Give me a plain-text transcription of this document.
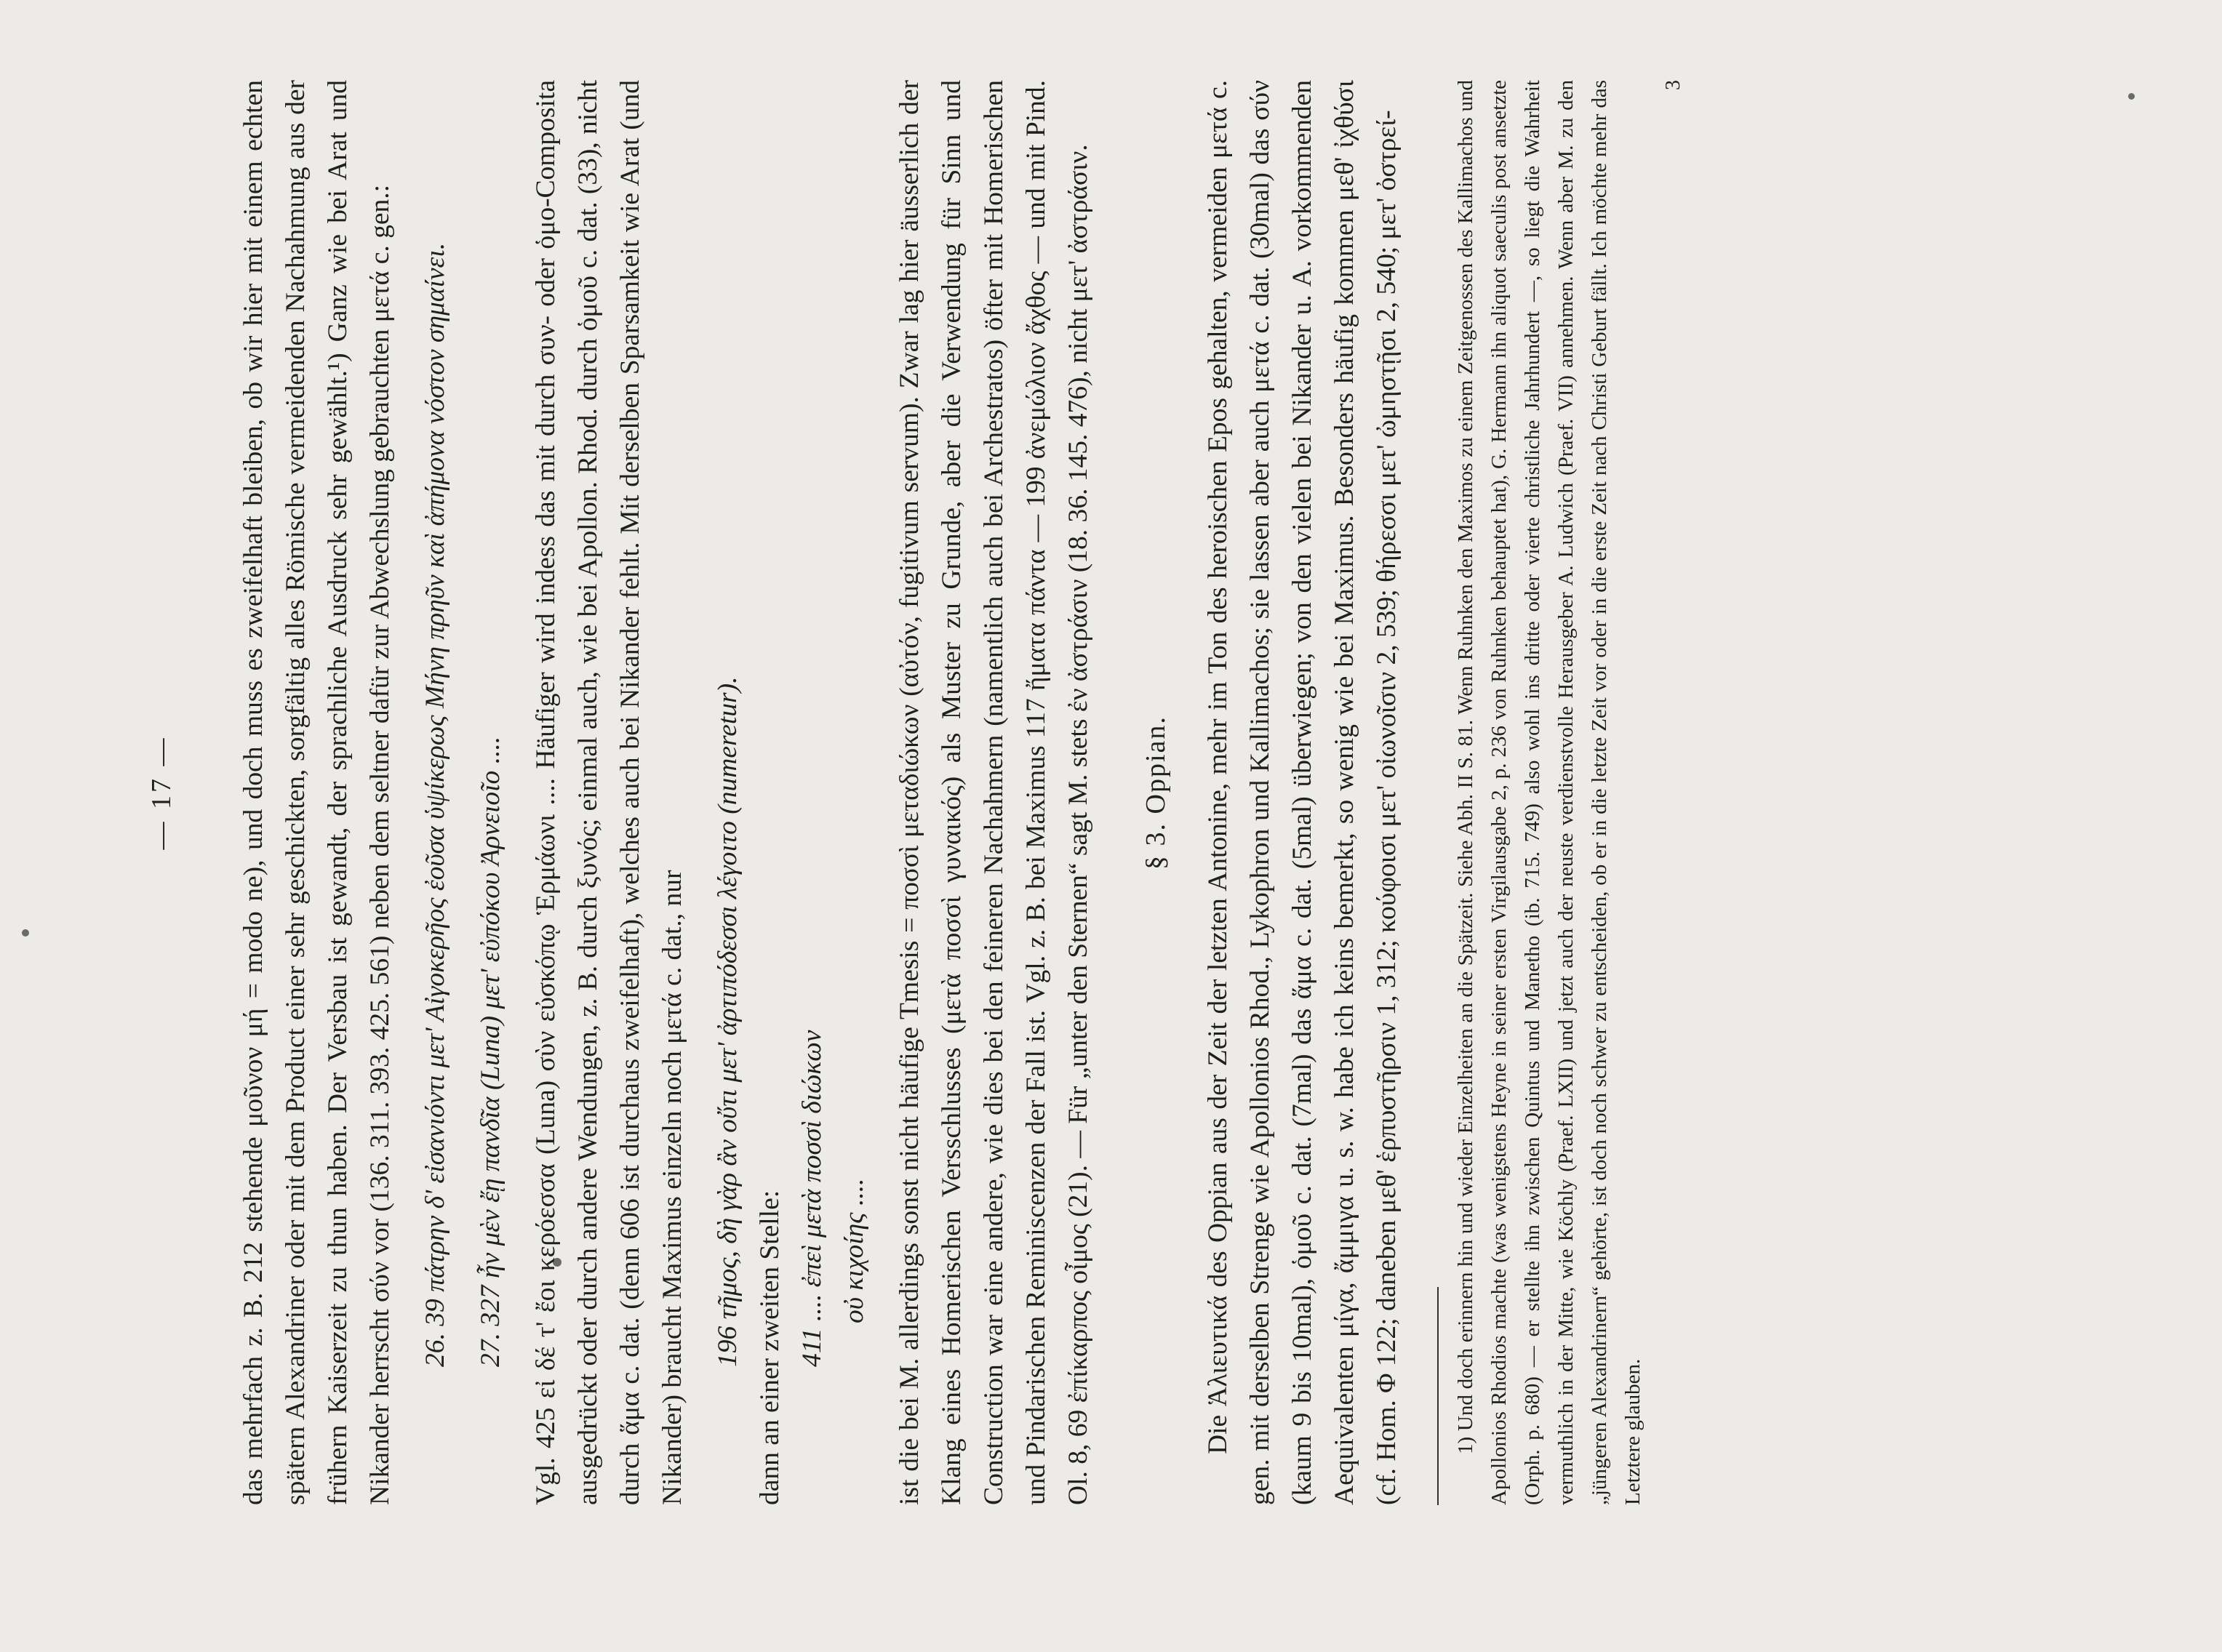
— 17 — das mehrfach z. B. 212 stehende μοῦνον μή = modo ne), und doch muss es zweifelhaft bleiben, ob wir hier mit einem echten spätern Alexandriner oder mit dem Product einer sehr geschickten, sorgfältig alles Römische vermeidenden Nachahmung aus der frühern Kaiserzeit zu thun haben. Der Versbau ist gewandt, der sprachliche Ausdruck sehr gewählt.¹) Ganz wie bei Arat und Nikander herrscht σύν vor (136. 311. 393. 425. 561) neben dem seltner dafür zur Abwechslung gebrauchten μετά c. gen.: 26. 39 πάτρην δ' εἰσανιόντι μετ' Αἰγοκερῆος ἐοῦσα ὑψίκερως Μήνη πρηῦν καὶ ἀπήμονα νόστον σημαίνει. 27. 327 ἦν μὲν ἔῃ πανδῖα (Luna) μετ' εὐπόκου Ἀρνειοῖο .... Vgl. 425 εἰ δέ τ' ἔοι κερόεσσα (Luna) σὺν εὐσκόπῳ Ἑρμάωνι .... Häufiger wird indess das mit durch συν- oder ὁμο-Composita ausgedrückt oder durch andere Wendungen, z. B. durch ξυνός; einmal auch, wie bei Apollon. Rhod. durch ὁμοῦ c. dat. (33), nicht durch ἅμα c. dat. (denn 606 ist durchaus zweifelhaft), welches auch bei Nikander fehlt. Mit derselben Sparsamkeit wie Arat (und Nikander) braucht Maximus einzeln noch μετά c. dat., nur 196 τῆμος, δὴ γὰρ ἂν οὔτι μετ' ἀρτιπόδεσσι λέγοιτο (numeretur). dann an einer zweiten Stelle: 411 .... ἐπεὶ μετὰ ποσσὶ διώκων οὐ κιχοίης .... ist die bei M. allerdings sonst nicht häufige Tmesis = ποσσὶ μεταδιώκων (αὐτόν, fugitivum servum). Zwar lag hier äusserlich der Klang eines Homerischen Versschlusses (μετὰ ποσσὶ γυναικός) als Muster zu Grunde, aber die Verwendung für Sinn und Construction war eine andere, wie dies bei den feineren Nachahmern (namentlich auch bei Archestratos) öfter mit Homerischen und Pindarischen Reminiscenzen der Fall ist. Vgl. z. B. bei Maximus 117 ἤματα πάντα — 199 ἀνεμώλιον ἄχθος — und mit Pind. Ol. 8, 69 ἐπίκαρπος οἶμος (21). — Für „unter den Sternen“ sagt M. stets ἐν ἀστράσιν (18. 36. 145. 476), nicht μετ' ἀστράσιν. § 3. Oppian. Die Ἁλιευτικά des Oppian aus der Zeit der letzten Antonine, mehr im Ton des heroischen Epos gehalten, vermeiden μετά c. gen. mit derselben Strenge wie Apollonios Rhod., Lykophron und Kallimachos; sie lassen aber auch μετά c. dat. (30mal) das σύν (kaum 9 bis 10mal), ὁμοῦ c. dat. (7mal) das ἅμα c. dat. (5mal) überwiegen; von den vielen bei Nikander u. A. vorkommenden Aequivalenten μίγα, ἄμμιγα u. s. w. habe ich keins bemerkt, so wenig wie bei Maximus. Besonders häufig kommen μεθ' ἰχθύσι (cf. Hom. Φ 122; daneben μεθ' ἑρπυστῆρσιν 1, 312; κούφοισι μετ' οἰωνοῖσιν 2, 539; θήρεσσι μετ' ὠμηστῇσι 2, 540; μετ' ὀστρεί-	1) Und doch erinnern hin und wieder Einzelheiten an die Spätzeit. Siehe Abh. II S. 81. Wenn Ruhnken den Maximos zu einem Zeitgenossen des Kallimachos und Apollonios Rhodios machte (was wenigstens Heyne in seiner ersten Virgilausgabe 2, p. 236 von Ruhnken behauptet hat), G. Hermann ihn aliquot saeculis post ansetzte (Orph. p. 680) — er stellte ihn zwischen Quintus und Manetho (ib. 715. 749) also wohl ins dritte oder vierte christliche Jahrhundert —, so liegt die Wahrheit vermuthlich in der Mitte, wie Köchly (Praef. LXII) und jetzt auch der neuste verdienstvolle Herausgeber A. Ludwich (Praef. VII) annehmen. Wenn aber M. zu den „jüngeren Alexandrinern“ gehörte, ist doch noch schwer zu entscheiden, ob er in die letzte Zeit vor oder in die erste Zeit nach Christi Geburt fällt. Ich möchte mehr das Letztere glauben.

3
